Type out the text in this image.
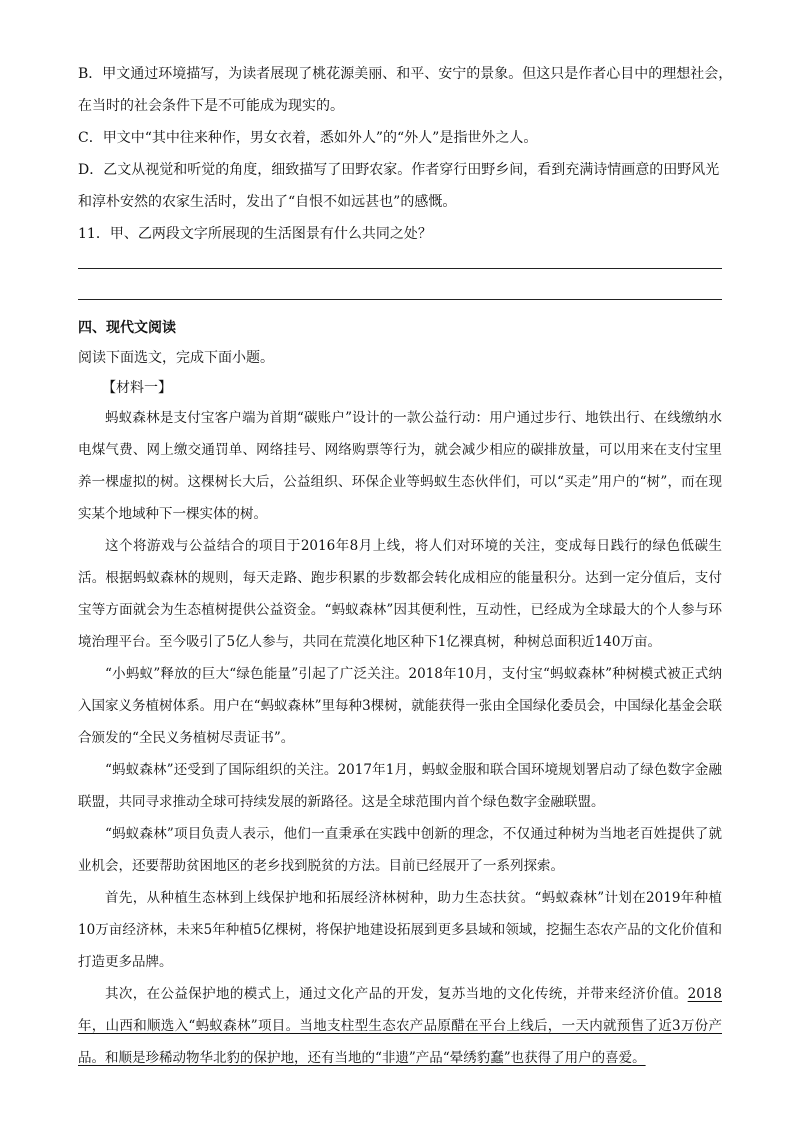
B．甲文通过环境描写，为读者展现了桃花源美丽、和平、安宁的景象。但这只是作者心目中的理想社会，
在当时的社会条件下是不可能成为现实的。
C．甲文中“其中往来种作，男女衣着，悉如外人”的“外人”是指世外之人。
D．乙文从视觉和听觉的角度，细致描写了田野农家。作者穿行田野乡间，看到充满诗情画意的田野风光
和淳朴安然的农家生活时，发出了“自恨不如远甚也”的感慨。
11．甲、乙两段文字所展现的生活图景有什么共同之处？
四、现代文阅读
阅读下面选文，完成下面小题。
【材料一】
蚂蚁森林是支付宝客户端为首期“碳账户”设计的一款公益行动：用户通过步行、地铁出行、在线缴纳水电煤气费、网上缴交通罚单、网络挂号、网络购票等行为，就会减少相应的碳排放量，可以用来在支付宝里养一棵虚拟的树。这棵树长大后，公益组织、环保企业等蚂蚁生态伙伴们，可以“买走”用户的“树”，而在现实某个地域种下一棵实体的树。
这个将游戏与公益结合的项目于2016年8月上线，将人们对环境的关注，变成每日践行的绿色低碳生活。根据蚂蚁森林的规则，每天走路、跑步积累的步数都会转化成相应的能量积分。达到一定分值后，支付宝等方面就会为生态植树提供公益资金。“蚂蚁森林”因其便利性，互动性，已经成为全球最大的个人参与环境治理平台。至今吸引了5亿人参与，共同在荒漠化地区种下1亿裸真树，种树总面积近140万亩。
“小蚂蚁”释放的巨大“绿色能量”引起了广泛关注。2018年10月，支付宝“蚂蚁森林”种树模式被正式纳入国家义务植树体系。用户在“蚂蚁森林”里每种3棵树，就能获得一张由全国绿化委员会，中国绿化基金会联合颁发的“全民义务植树尽责证书”。
“蚂蚁森林”还受到了国际组织的关注。2017年1月，蚂蚁金服和联合国环境规划署启动了绿色数字金融联盟，共同寻求推动全球可持续发展的新路径。这是全球范围内首个绿色数字金融联盟。
“蚂蚁森林”项目负责人表示，他们一直秉承在实践中创新的理念，不仅通过种树为当地老百姓提供了就业机会，还要帮助贫困地区的老乡找到脱贫的方法。目前已经展开了一系列探索。
首先，从种植生态林到上线保护地和拓展经济林树种，助力生态扶贫。“蚂蚁森林”计划在2019年种植10万亩经济林，未来5年种植5亿棵树，将保护地建设拓展到更多县域和领域，挖掘生态农产品的文化价值和打造更多品牌。
其次，在公益保护地的模式上，通过文化产品的开发，复苏当地的文化传统，并带来经济价值。2018年，山西和顺选入“蚂蚁森林”项目。当地支柱型生态农产品原醋在平台上线后，一天内就预售了近3万份产品。和顺是珍稀动物华北豹的保护地，还有当地的“非遗”产品“晕绣豹蠢”也获得了用户的喜爱。
